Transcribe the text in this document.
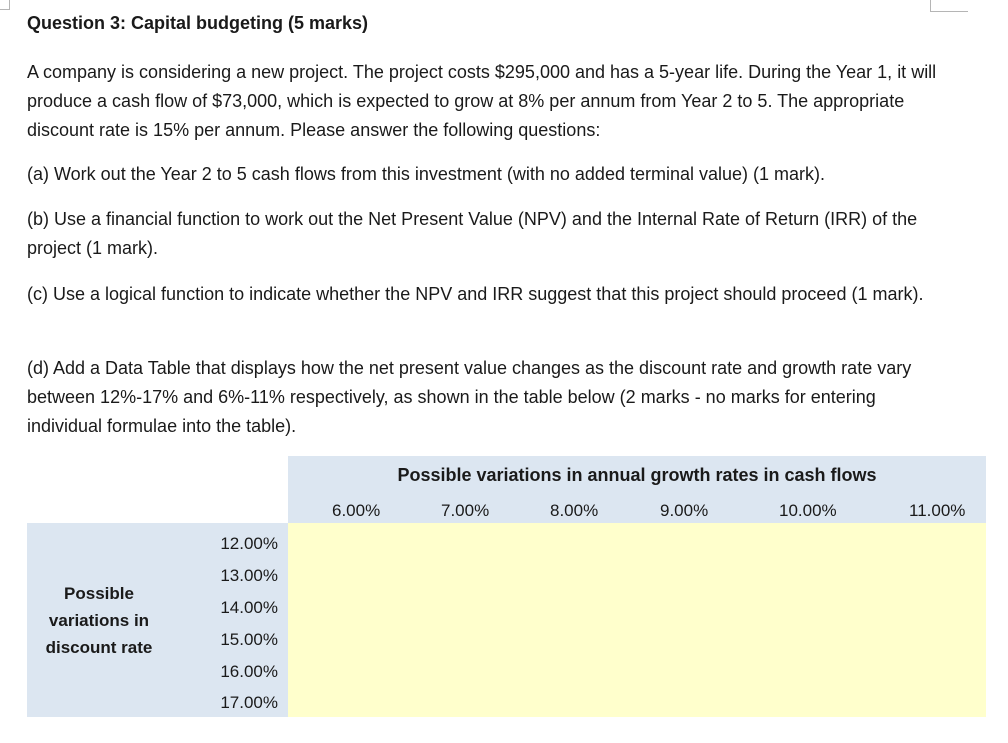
Question 3: Capital budgeting (5 marks)

A company is considering a new project. The project costs $295,000 and has a 5-year life. During the Year 1, it will produce a cash flow of $73,000, which is expected to grow at 8% per annum from Year 2 to 5. The appropriate discount rate is 15% per annum. Please answer the following questions:

(a) Work out the Year 2 to 5 cash flows from this investment (with no added terminal value) (1 mark).

(b) Use a financial function to work out the Net Present Value (NPV) and the Internal Rate of Return (IRR) of the project (1 mark).

(c) Use a logical function to indicate whether the NPV and IRR suggest that this project should proceed (1 mark).

(d) Add a Data Table that displays how the net present value changes as the discount rate and growth rate vary between 12%-17% and 6%-11% respectively, as shown in the table below (2 marks - no marks for entering individual formulae into the table).

Possible variations in annual growth rates in cash flows
6.00%	7.00%	8.00%	9.00%	10.00%	11.00%
12.00%
13.00%
14.00%
15.00%
16.00%
17.00%
Possible
variations in
discount rate
